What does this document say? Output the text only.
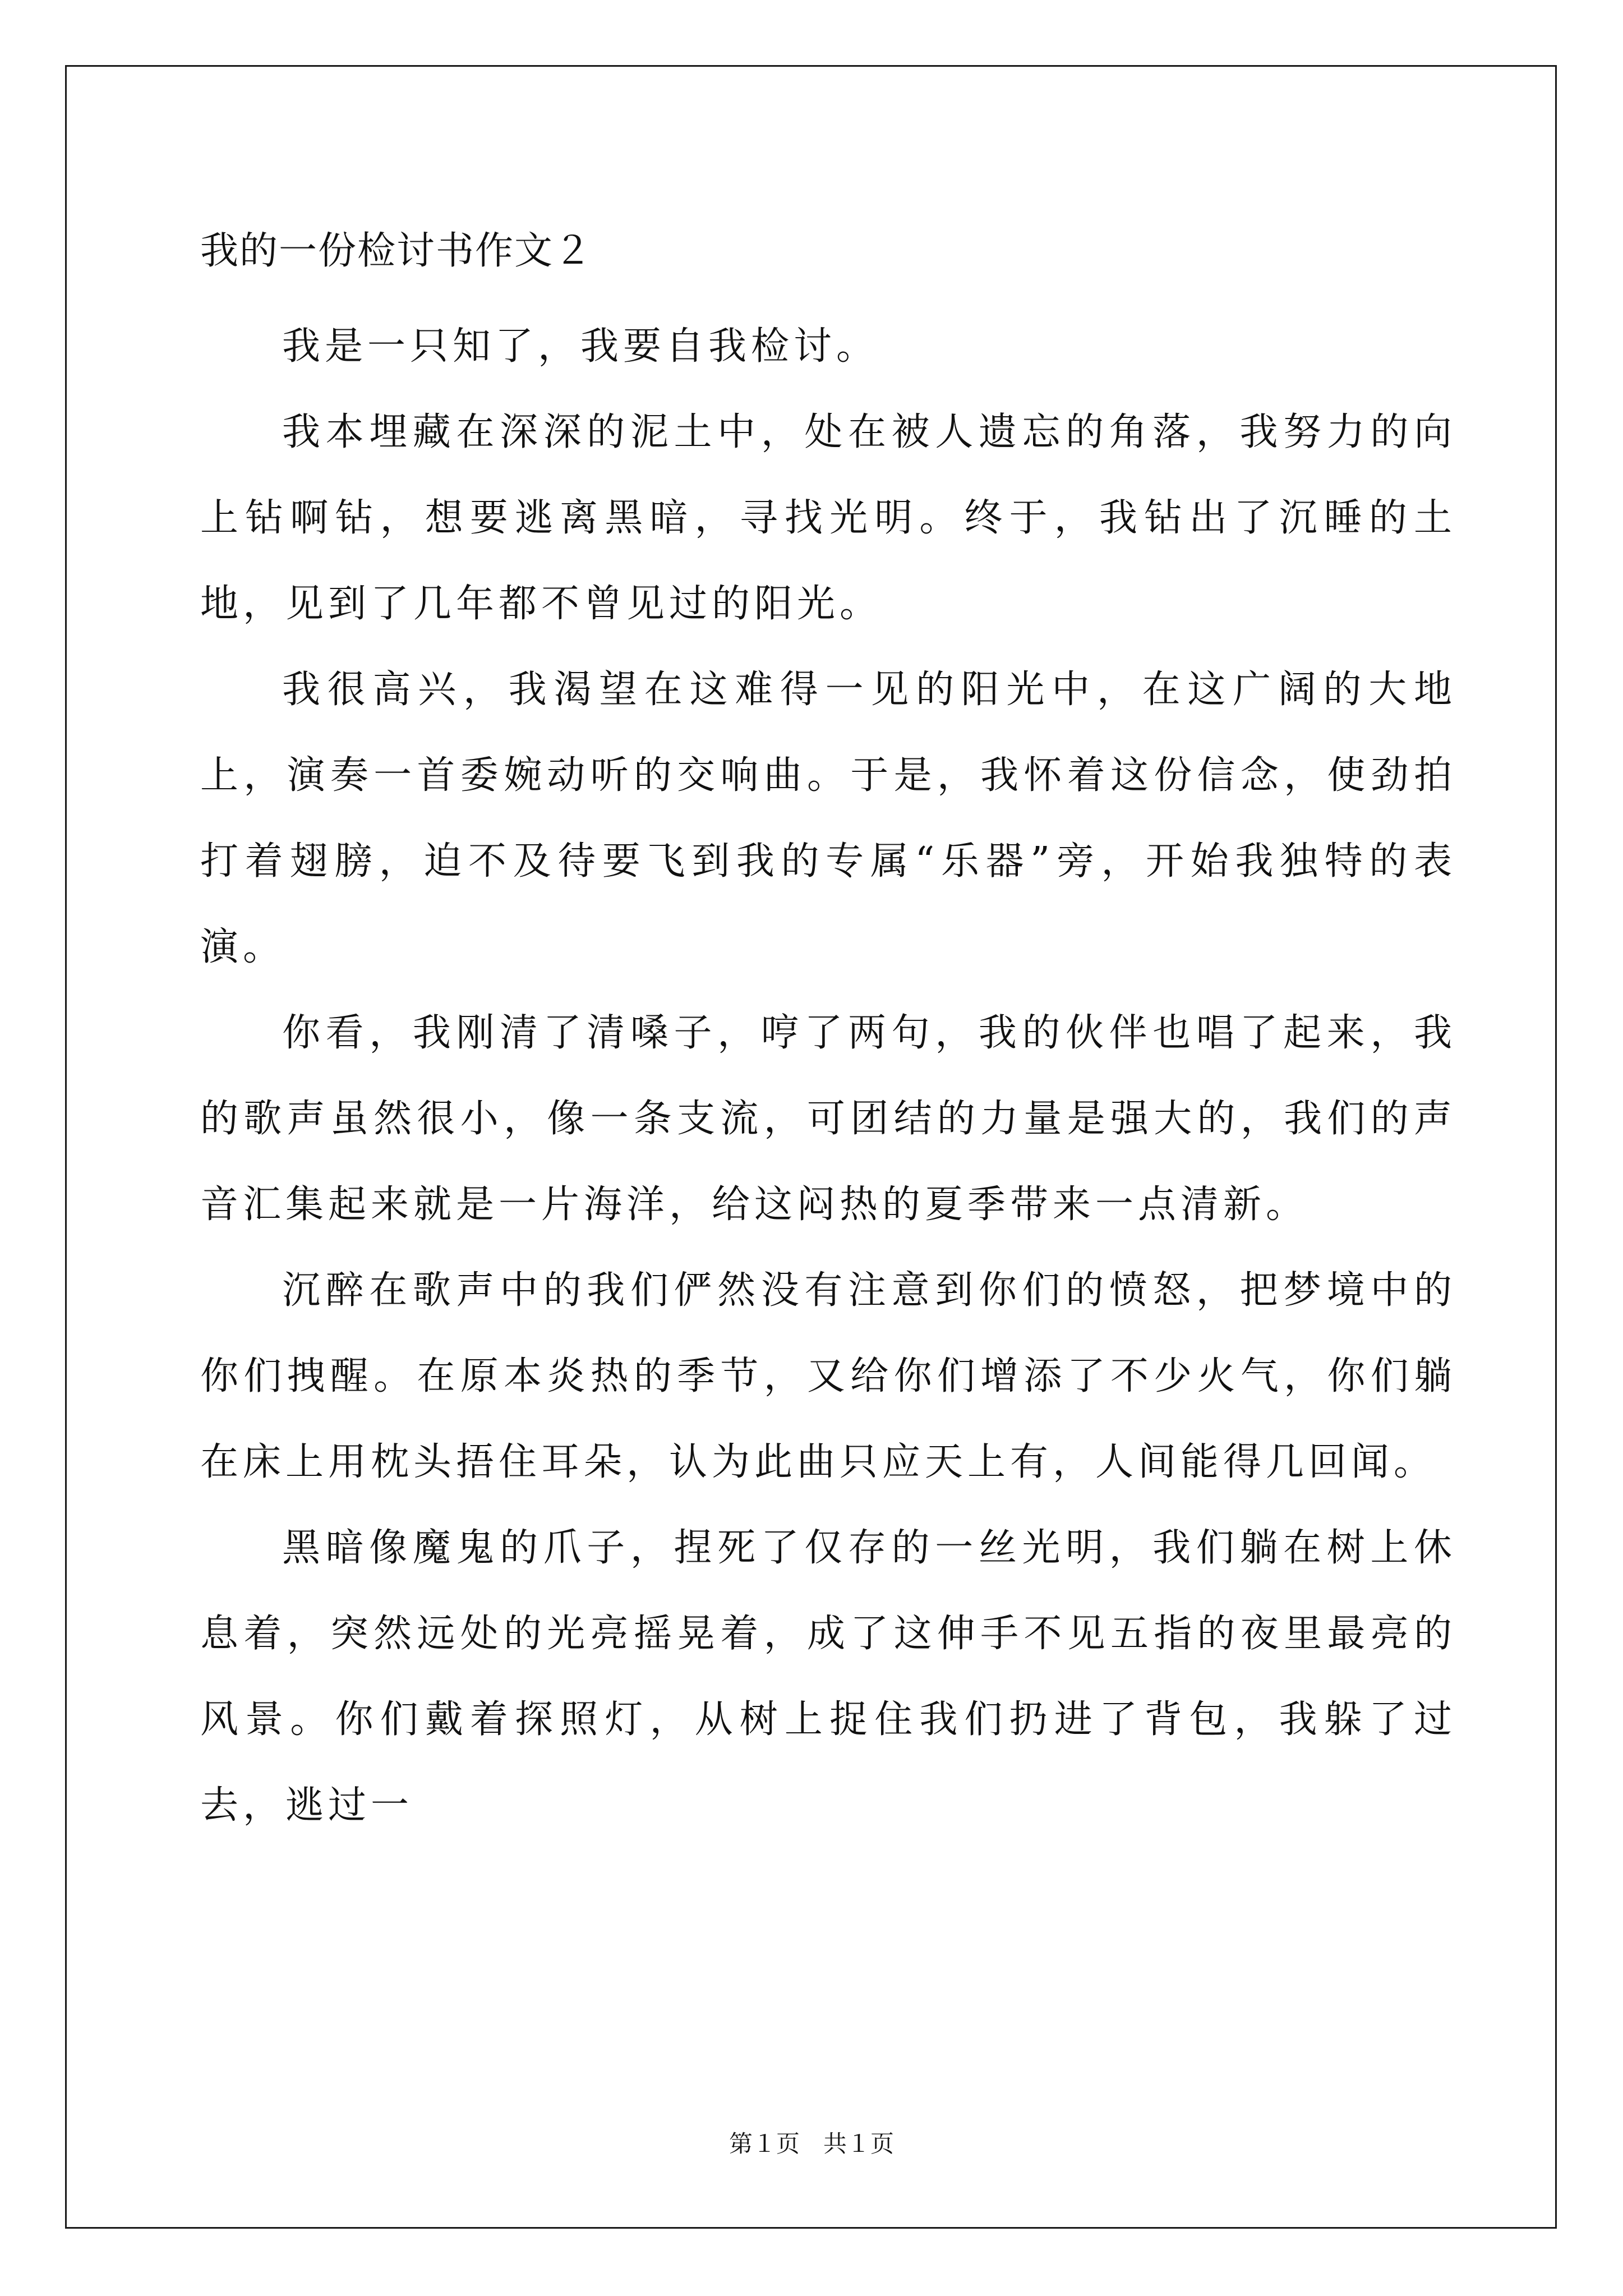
我的一份检讨书作文２

我是一只知了，我要自我检讨。

我本埋藏在深深的泥土中，处在被人遗忘的角落，我努力的向上钻啊钻，想要逃离黑暗，寻找光明。终于，我钻出了沉睡的土地，见到了几年都不曾见过的阳光。

我很高兴，我渴望在这难得一见的阳光中，在这广阔的大地上，演奏一首委婉动听的交响曲。于是，我怀着这份信念，使劲拍打着翅膀，迫不及待要飞到我的专属“乐器”旁，开始我独特的表演。

你看，我刚清了清嗓子，哼了两句，我的伙伴也唱了起来，我的歌声虽然很小，像一条支流，可团结的力量是强大的，我们的声音汇集起来就是一片海洋，给这闷热的夏季带来一点清新。

沉醉在歌声中的我们俨然没有注意到你们的愤怒，把梦境中的你们拽醒。在原本炎热的季节，又给你们增添了不少火气，你们躺在床上用枕头捂住耳朵，认为此曲只应天上有，人间能得几回闻。

黑暗像魔鬼的爪子，捏死了仅存的一丝光明，我们躺在树上休息着，突然远处的光亮摇晃着，成了这伸手不见五指的夜里最亮的风景。你们戴着探照灯，从树上捉住我们扔进了背包，我躲了过去，逃过一

第１页　共１页
